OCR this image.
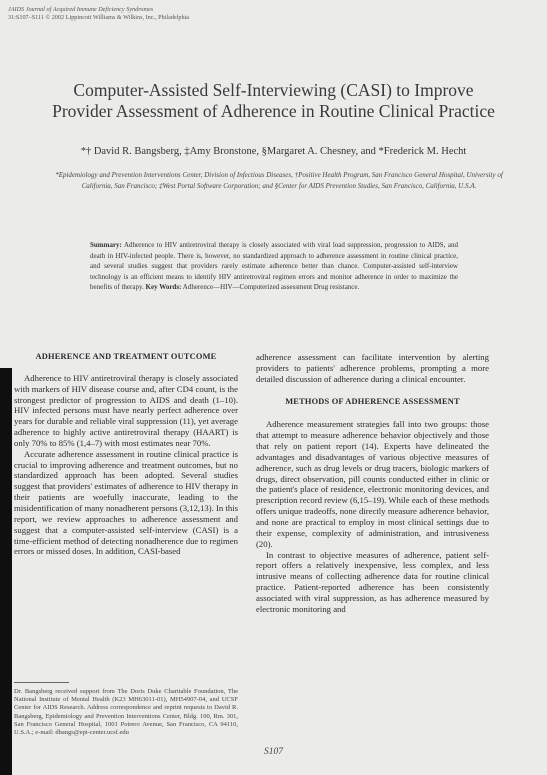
JAIDS Journal of Acquired Immune Deficiency Syndromes
31:S107–S111 © 2002 Lippincott Williams & Wilkins, Inc., Philadelphia
Computer-Assisted Self-Interviewing (CASI) to Improve
Provider Assessment of Adherence in Routine Clinical Practice
*† David R. Bangsberg, ‡Amy Bronstone, §Margaret A. Chesney, and *Frederick M. Hecht
*Epidemiology and Prevention Interventions Center, Division of Infectious Diseases, †Positive Health Program, San Francisco General Hospital, University of California, San Francisco; ‡West Portal Software Corporation; and §Center for AIDS Prevention Studies, San Francisco, California, U.S.A.
Summary: Adherence to HIV antiretroviral therapy is closely associated with viral load suppression, progression to AIDS, and death in HIV-infected people. There is, however, no standardized approach to adherence assessment in routine clinical practice, and several studies suggest that providers rarely estimate adherence better than chance. Computer-assisted self-interview technology is an efficient means to identify HIV antiretroviral regimen errors and monitor adherence in order to maximize the benefits of therapy. Key Words: Adherence—HIV—Computerized assessment Drug resistance.
ADHERENCE AND TREATMENT OUTCOME

Adherence to HIV antiretroviral therapy is closely associated with markers of HIV disease course and, after CD4 count, is the strongest predictor of progression to AIDS and death (1–10). HIV infected persons must have nearly perfect adherence over years for durable and reliable viral suppression (11), yet average adherence to highly active antiretroviral therapy (HAART) is only 70% to 85% (1,4–7) with most estimates near 70%.

Accurate adherence assessment in routine clinical practice is crucial to improving adherence and treatment outcomes, but no standardized approach has been adopted. Several studies suggest that providers' estimates of adherence to HIV therapy in their patients are woefully inaccurate, leading to the misidentification of many nonadherent persons (3,12,13). In this report, we review approaches to adherence assessment and suggest that a computer-assisted self-interview (CASI) is a time-efficient method of detecting nonadherence due to regimen errors or missed doses. In addition, CASI-based

Dr. Bangsberg received support from The Doris Duke Charitable Foundation, The National Institute of Mental Health (K23 MH63011-01), MH54907-04, and UCSF Center for AIDS Research. Address correspondence and reprint requests to David R. Bangsberg, Epidemiology and Prevention Interventions Center, Bldg. 100, Rm. 301, San Francisco General Hospital, 1001 Potrero Avenue, San Francisco, CA 94110, U.S.A.; e-mail: dbangs@epi-center.ucsf.edu

adherence assessment can facilitate intervention by alerting providers to patients' adherence problems, prompting a more detailed discussion of adherence during a clinical encounter.

METHODS OF ADHERENCE ASSESSMENT

Adherence measurement strategies fall into two groups: those that attempt to measure adherence behavior objectively and those that rely on patient report (14). Experts have delineated the advantages and disadvantages of various objective measures of adherence, such as drug levels or drug tracers, biologic markers of drugs, direct observation, pill counts conducted either in clinic or the patient's place of residence, electronic monitoring devices, and prescription record review (6,15–19). While each of these methods offers unique tradeoffs, none directly measure adherence behavior, and none are practical to employ in most clinical settings due to their expense, complexity of administration, and intrusiveness (20).

In contrast to objective measures of adherence, patient self-report offers a relatively inexpensive, less complex, and less intrusive means of collecting adherence data for routine clinical practice. Patient-reported adherence has been consistently associated with viral suppression, as has adherence measured by electronic monitoring and

S107
